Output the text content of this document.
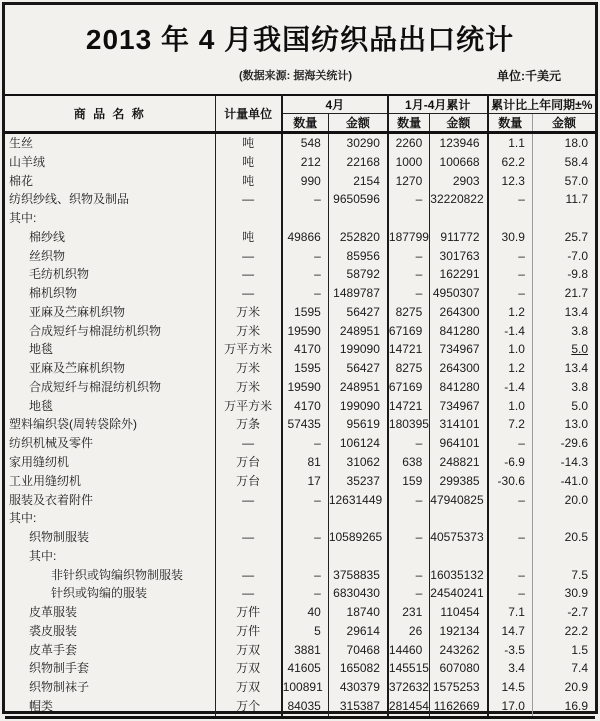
2013 年 4 月我国纺织品出口统计
(数据来源: 据海关统计)	单位:千美元
商 品 名 称	计量单位	4月		1月-4月累计		累计比上年同期±%	
		数量	金额	数量	金额	数量	金额
生丝	吨	548	30290	2260	123946	1.1	18.0
山羊绒	吨	212	22168	1000	100668	62.2	58.4
棉花	吨	990	2154	1270	2903	12.3	57.0
纺织纱线、织物及制品	—	–	9650596	–	32220822	–	11.7
其中:							
棉纱线	吨	49866	252820	187799	911772	30.9	25.7
丝织物	—	–	85956	–	301763	–	-7.0
毛纺机织物	—	–	58792	–	162291	–	-9.8
棉机织物	—	–	1489787	–	4950307	–	21.7
亚麻及苎麻机织物	万米	1595	56427	8275	264300	1.2	13.4
合成短纤与棉混纺机织物	万米	19590	248951	67169	841280	-1.4	3.8
地毯	万平方米	4170	199090	14721	734967	1.0	5.0
亚麻及苎麻机织物	万米	1595	56427	8275	264300	1.2	13.4
合成短纤与棉混纺机织物	万米	19590	248951	67169	841280	-1.4	3.8
地毯	万平方米	4170	199090	14721	734967	1.0	5.0
塑料编织袋(周转袋除外)	万条	57435	95619	180395	314101	7.2	13.0
纺织机械及零件	—	–	106124	–	964101	–	-29.6
家用缝纫机	万台	81	31062	638	248821	-6.9	-14.3
工业用缝纫机	万台	17	35237	159	299385	-30.6	-41.0
服装及衣着附件	—	–	12631449	–	47940825	–	20.0
其中:							
织物制服装	—	–	10589265	–	40575373	–	20.5
其中:							
非针织或钩编织物制服装	—	–	3758835	–	16035132	–	7.5
针织或钩编的服装	—	–	6830430	–	24540241	–	30.9
皮革服装	万件	40	18740	231	110454	7.1	-2.7
裘皮服装	万件	5	29614	26	192134	14.7	22.2
皮革手套	万双	3881	70468	14460	243262	-3.5	1.5
织物制手套	万双	41605	165082	145515	607080	3.4	7.4
织物制袜子	万双	100891	430379	372632	1575253	14.5	20.9
帽类	万个	84035	315387	281454	1162669	17.0	16.9
